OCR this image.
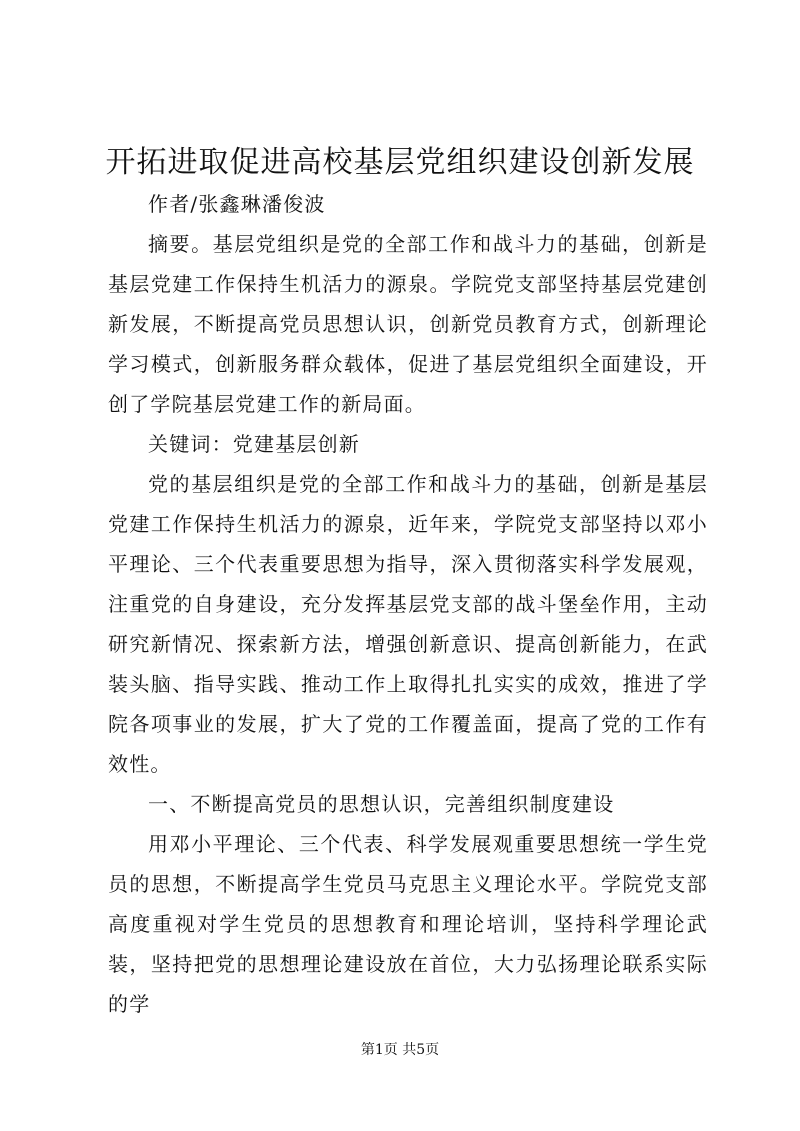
开拓进取促进高校基层党组织建设创新发展

作者/张鑫琳潘俊波

摘要。基层党组织是党的全部工作和战斗力的基础，创新是基层党建工作保持生机活力的源泉。学院党支部坚持基层党建创新发展，不断提高党员思想认识，创新党员教育方式，创新理论学习模式，创新服务群众载体，促进了基层党组织全面建设，开创了学院基层党建工作的新局面。

关键词：党建基层创新

党的基层组织是党的全部工作和战斗力的基础，创新是基层党建工作保持生机活力的源泉，近年来，学院党支部坚持以邓小平理论、三个代表重要思想为指导，深入贯彻落实科学发展观，注重党的自身建设，充分发挥基层党支部的战斗堡垒作用，主动研究新情况、探索新方法，增强创新意识、提高创新能力，在武装头脑、指导实践、推动工作上取得扎扎实实的成效，推进了学院各项事业的发展，扩大了党的工作覆盖面，提高了党的工作有效性。

一、不断提高党员的思想认识，完善组织制度建设

用邓小平理论、三个代表、科学发展观重要思想统一学生党员的思想，不断提高学生党员马克思主义理论水平。学院党支部高度重视对学生党员的思想教育和理论培训，坚持科学理论武装，坚持把党的思想理论建设放在首位，大力弘扬理论联系实际的学

第1页 共5页
